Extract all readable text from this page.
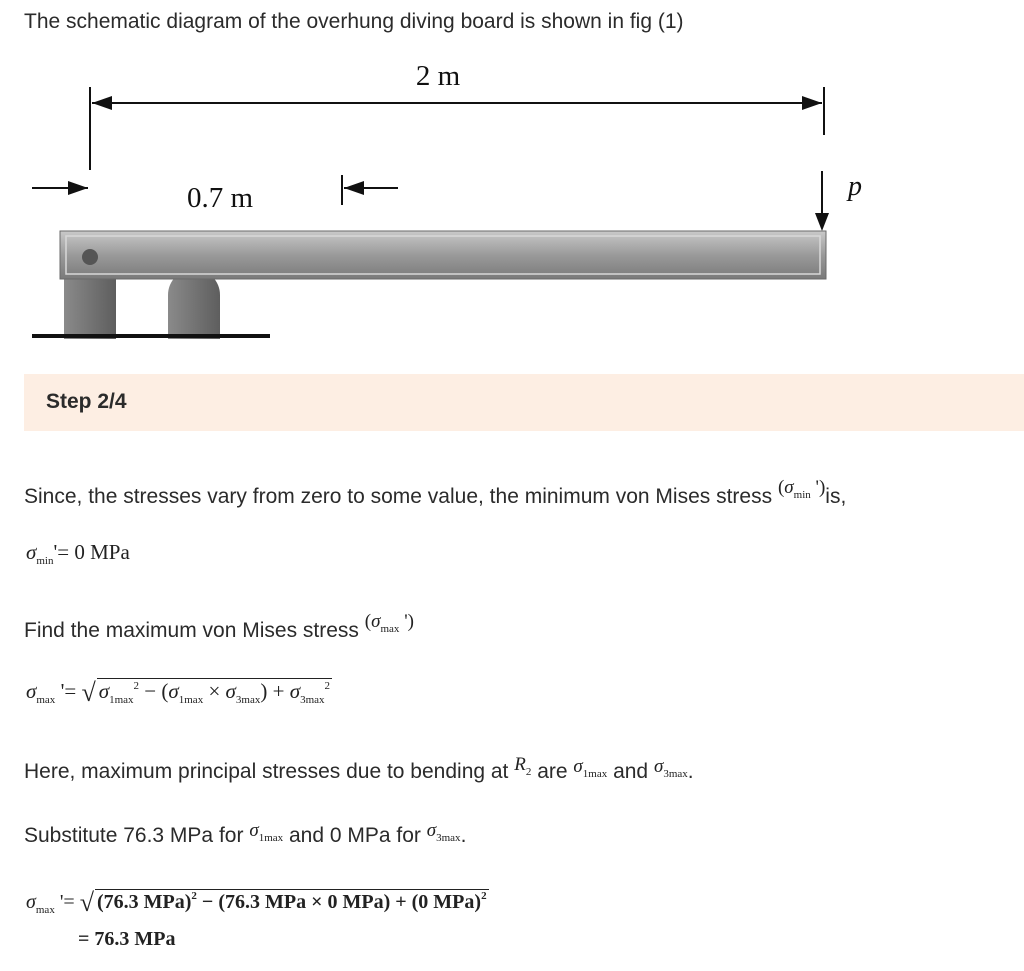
The schematic diagram of the overhung diving board is shown in fig (1)
2 m
0.7 m	p
Step 2/4
Since, the stresses vary from zero to some value, the minimum von Mises stress ($\sigma_{min}$ ')is,
$\sigma_{min}'= 0$ MPa
Find the maximum von Mises stress ($\sigma_{max}$ ')
$\sigma_{max}$ '= √ $\sigma_{1max}^2 - (\sigma_{1max} \times \sigma_{3max}) + \sigma_{3max}^2$
Here, maximum principal stresses due to bending at $R_2$ are $\sigma_{1max}$ and $\sigma_{3max}$.
Substitute 76.3 MPa for $\sigma_{1max}$ and 0 MPa for $\sigma_{3max}$.
$\sigma_{max}$ '= √ (76.3 MPa)$^2$ − (76.3 MPa × 0 MPa) + (0 MPa)$^2$
= 76.3 MPa
